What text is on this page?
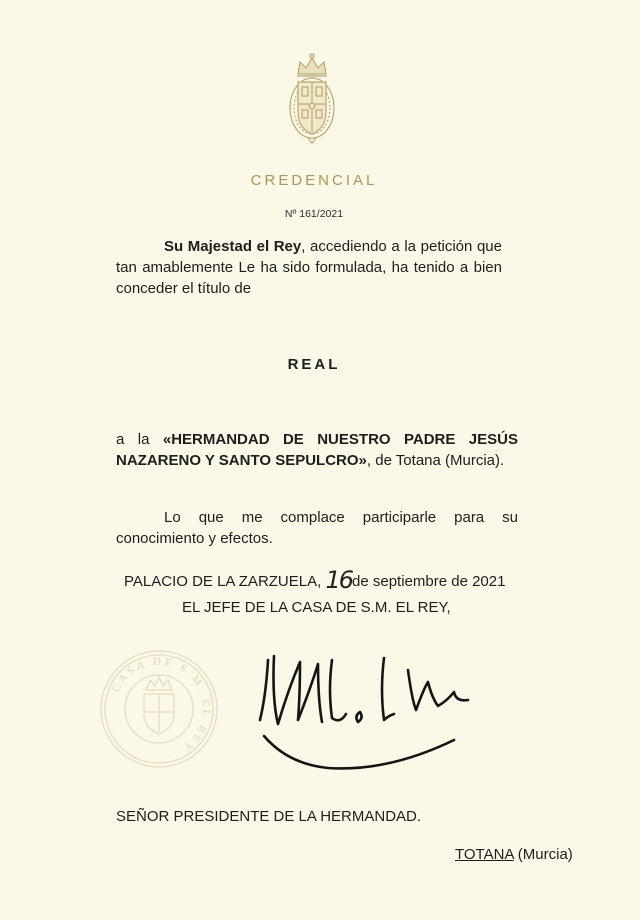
CREDENCIAL
Nº 161/2021

Su Majestad el Rey, accediendo a la petición que tan amablemente Le ha sido formulada, ha tenido a bien conceder el título de

REAL

a la «HERMANDAD DE NUESTRO PADRE JESÚS NAZARENO Y SANTO SEPULCRO», de Totana (Murcia).

Lo que me complace participarle para su conocimiento y efectos.

PALACIO DE LA ZARZUELA, 16de septiembre de 2021
EL JEFE DE LA CASA DE S.M. EL REY,
CASA DE S.M. EL REY
SEÑOR PRESIDENTE DE LA HERMANDAD.
TOTANA (Murcia)
